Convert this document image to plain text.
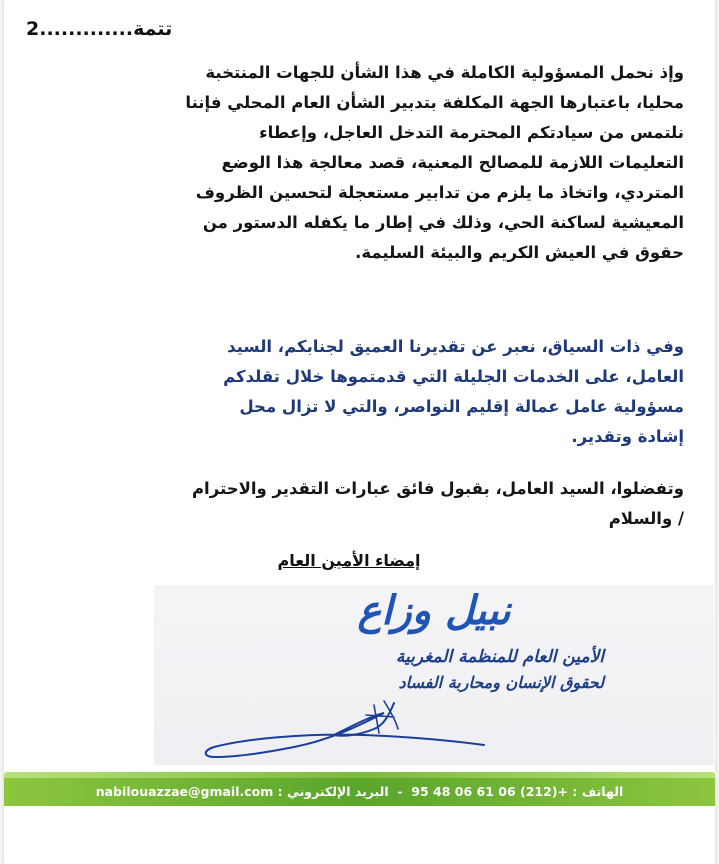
تتمة.............2
وإذ نحمل المسؤولية الكاملة في هذا الشأن للجهات المنتخبة
محليا، باعتبارها الجهة المكلفة بتدبير الشأن العام المحلي فإننا
نلتمس من سيادتكم المحترمة التدخل العاجل، وإعطاء
التعليمات اللازمة للمصالح المعنية، قصد معالجة هذا الوضع
المتردي، واتخاذ ما يلزم من تدابير مستعجلة لتحسين الظروف
المعيشية لساكنة الحي، وذلك في إطار ما يكفله الدستور من
حقوق في العيش الكريم والبيئة السليمة.
وفي ذات السياق، نعبر عن تقديرنا العميق لجنابكم، السيد
العامل، على الخدمات الجليلة التي قدمتموها خلال تقلدكم
مسؤولية عامل عمالة إقليم النواصر، والتي لا تزال محل
إشادة وتقدير.
وتفضلوا، السيد العامل، بقبول فائق عبارات التقدير والاحترام
/ والسلام
إمضاء الأمين العام
نبيل وزاع
الأمين العام للمنظمة المغربية
لحقوق الإنسان ومحاربة الفساد
الهاتف : 95 48 06 61 06 (212)+  -  البريد الإلكتروني : nabilouazzae@gmail.com
